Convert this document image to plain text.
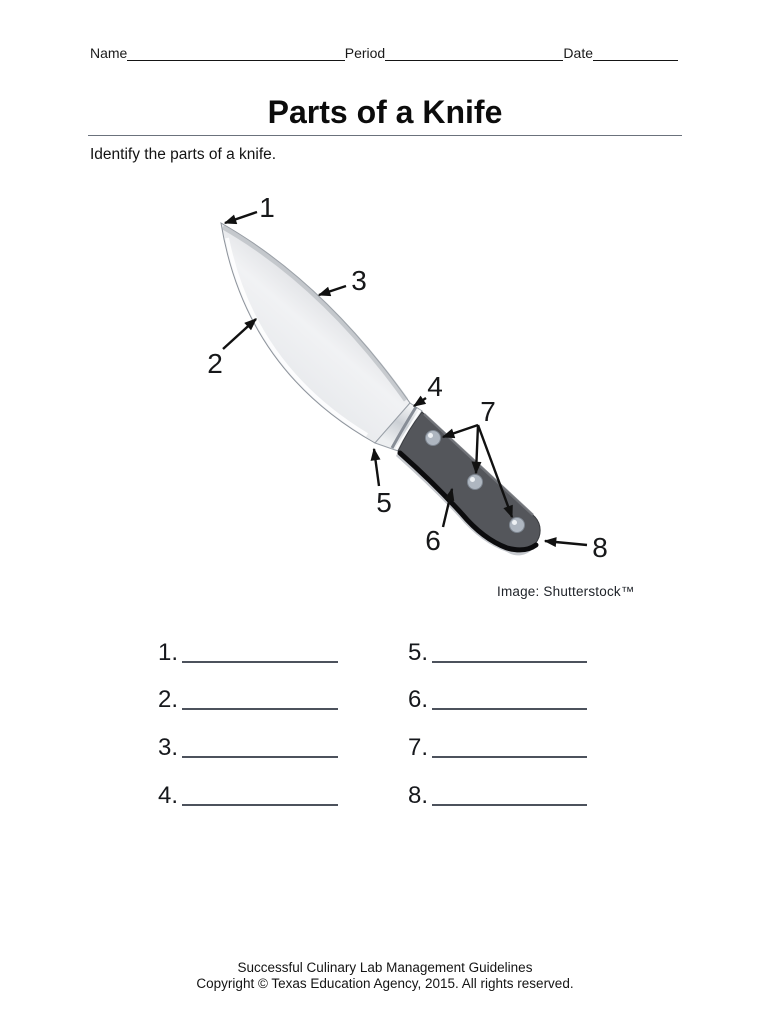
Name	Period	Date
Parts of a Knife
Identify the parts of a knife.
1
2
3
4
5
6
7
8
Image: Shutterstock™
1.
2.
3.
4.
5.
6.
7.
8.
Successful Culinary Lab Management Guidelines
Copyright © Texas Education Agency, 2015. All rights reserved.
